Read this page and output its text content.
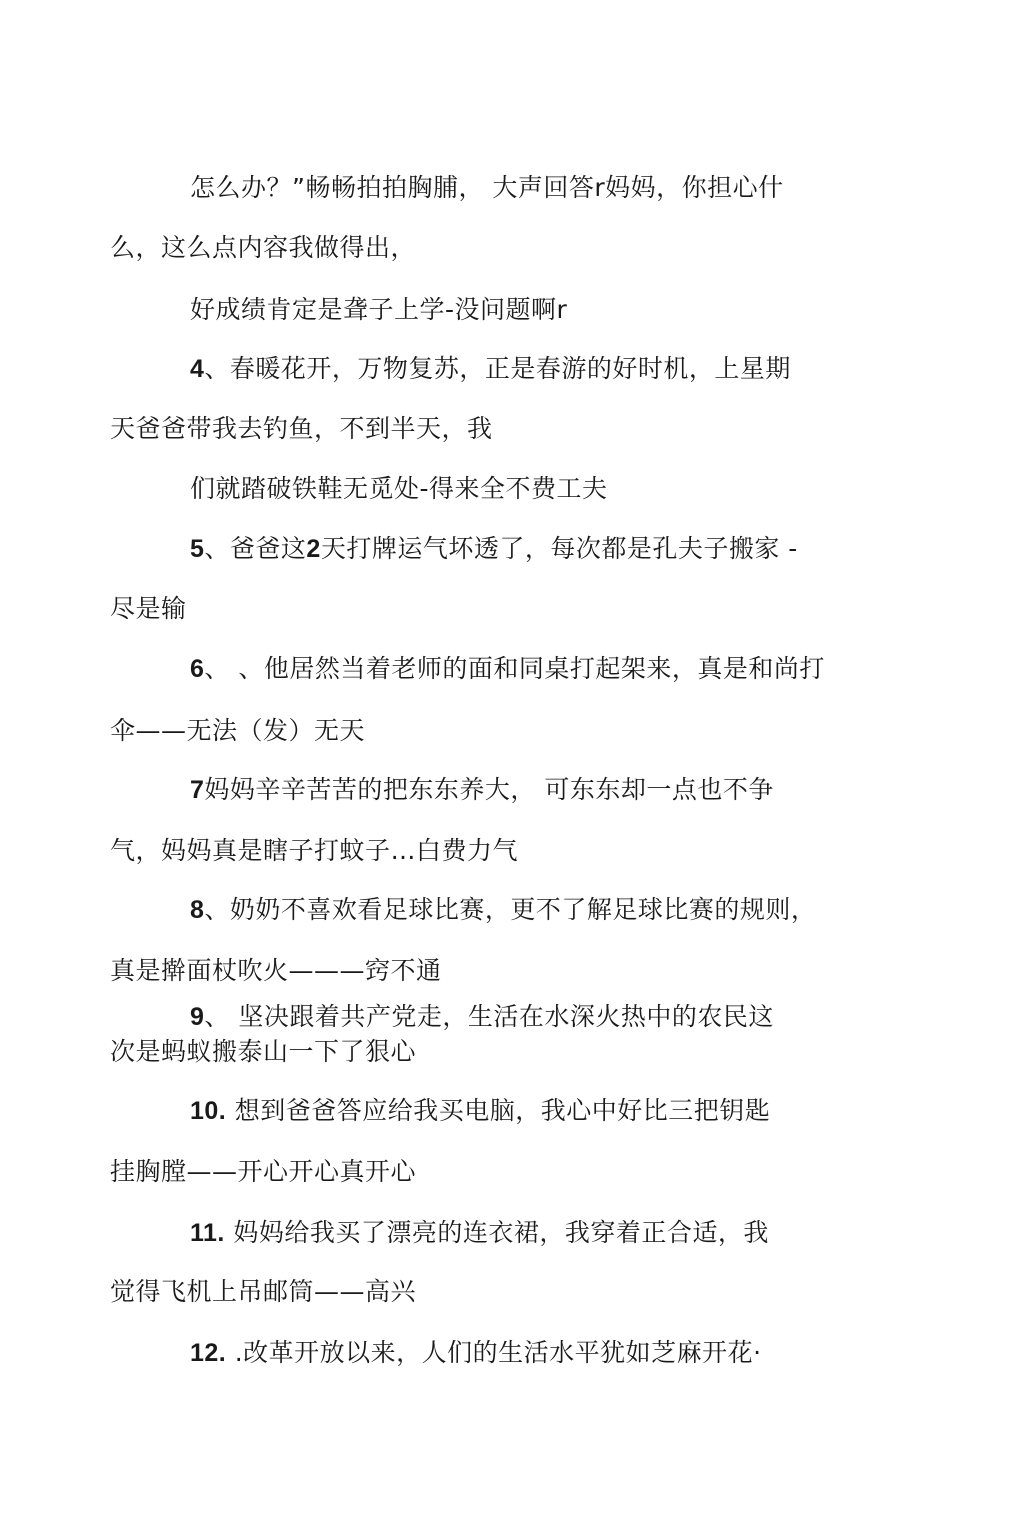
怎么办？”畅畅拍拍胸脯， 大声回答r妈妈，你担心什
么，这么点内容我做得出，
好成绩肯定是聋子上学-没问题啊r
4、春暖花开，万物复苏，正是春游的好时机，上星期
天爸爸带我去钓鱼，不到半天，我
们就踏破铁鞋无觅处-得来全不费工夫
5、爸爸这2天打牌运气坏透了，每次都是孔夫子搬家 -
尽是输
6、 、他居然当着老师的面和同桌打起架来，真是和尚打
伞——无法（发）无天
7妈妈辛辛苦苦的把东东养大， 可东东却一点也不争
气，妈妈真是瞎子打蚊子…白费力气
8、奶奶不喜欢看足球比赛，更不了解足球比赛的规则，
真是擀面杖吹火———窍不通
9、 坚决跟着共产党走，生活在水深火热中的农民这
次是蚂蚁搬泰山一下了狠心
10. 想到爸爸答应给我买电脑，我心中好比三把钥匙
挂胸膛——开心开心真开心
11. 妈妈给我买了漂亮的连衣裙，我穿着正合适，我
觉得飞机上吊邮筒——高兴
12. .改革开放以来，人们的生活水平犹如芝麻开花·
